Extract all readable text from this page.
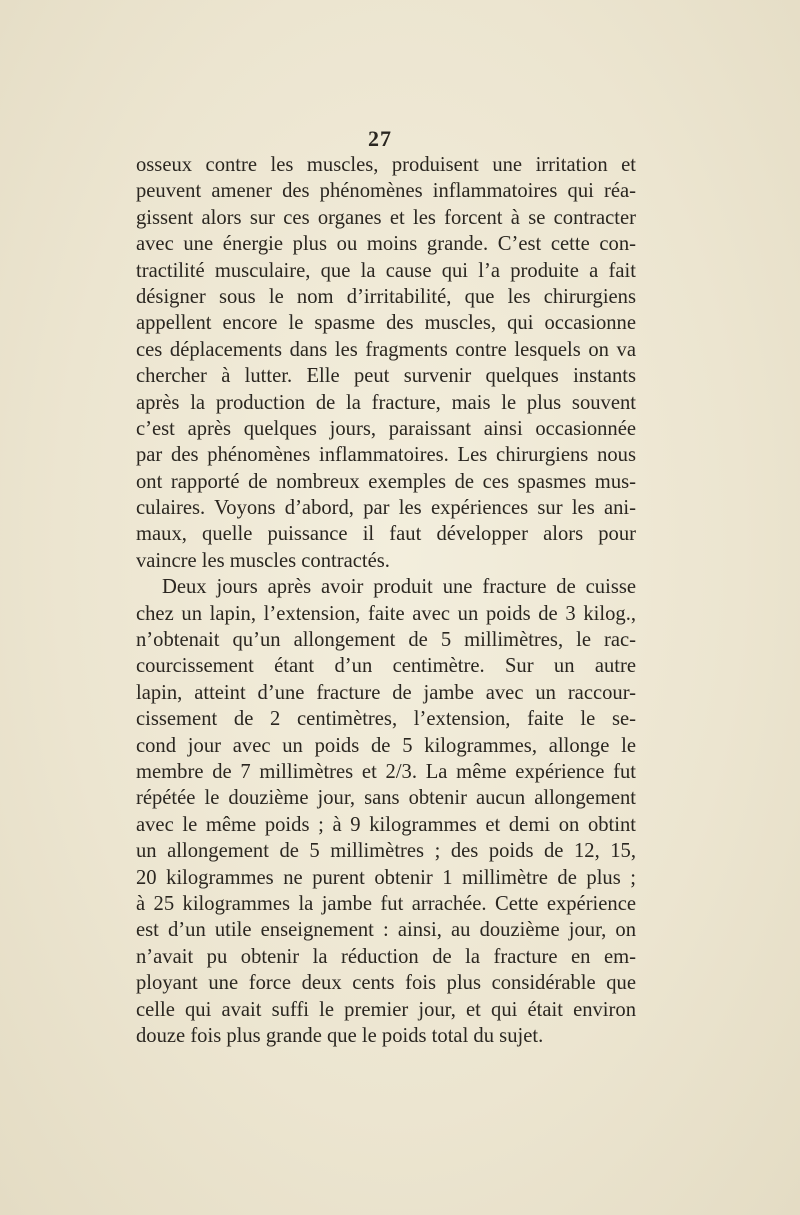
27
osseux contre les muscles, produisent une irritation et
peuvent amener des phénomènes inflammatoires qui réa-
gissent alors sur ces organes et les forcent à se contracter
avec une énergie plus ou moins grande. C’est cette con-
tractilité musculaire, que la cause qui l’a produite a fait
désigner sous le nom d’irritabilité, que les chirurgiens
appellent encore le spasme des muscles, qui occasionne
ces déplacements dans les fragments contre lesquels on va
chercher à lutter. Elle peut survenir quelques instants
après la production de la fracture, mais le plus souvent
c’est après quelques jours, paraissant ainsi occasionnée
par des phénomènes inflammatoires. Les chirurgiens nous
ont rapporté de nombreux exemples de ces spasmes mus-
culaires. Voyons d’abord, par les expériences sur les ani-
maux, quelle puissance il faut développer alors pour
vaincre les muscles contractés.
Deux jours après avoir produit une fracture de cuisse
chez un lapin, l’extension, faite avec un poids de 3 kilog.,
n’obtenait qu’un allongement de 5 millimètres, le rac-
courcissement étant d’un centimètre. Sur un autre
lapin, atteint d’une fracture de jambe avec un raccour-
cissement de 2 centimètres, l’extension, faite le se-
cond jour avec un poids de 5 kilogrammes, allonge le
membre de 7 millimètres et 2/3. La même expérience fut
répétée le douzième jour, sans obtenir aucun allongement
avec le même poids ; à 9 kilogrammes et demi on obtint
un allongement de 5 millimètres ; des poids de 12, 15,
20 kilogrammes ne purent obtenir 1 millimètre de plus ;
à 25 kilogrammes la jambe fut arrachée. Cette expérience
est d’un utile enseignement : ainsi, au douzième jour, on
n’avait pu obtenir la réduction de la fracture en em-
ployant une force deux cents fois plus considérable que
celle qui avait suffi le premier jour, et qui était environ
douze fois plus grande que le poids total du sujet.
